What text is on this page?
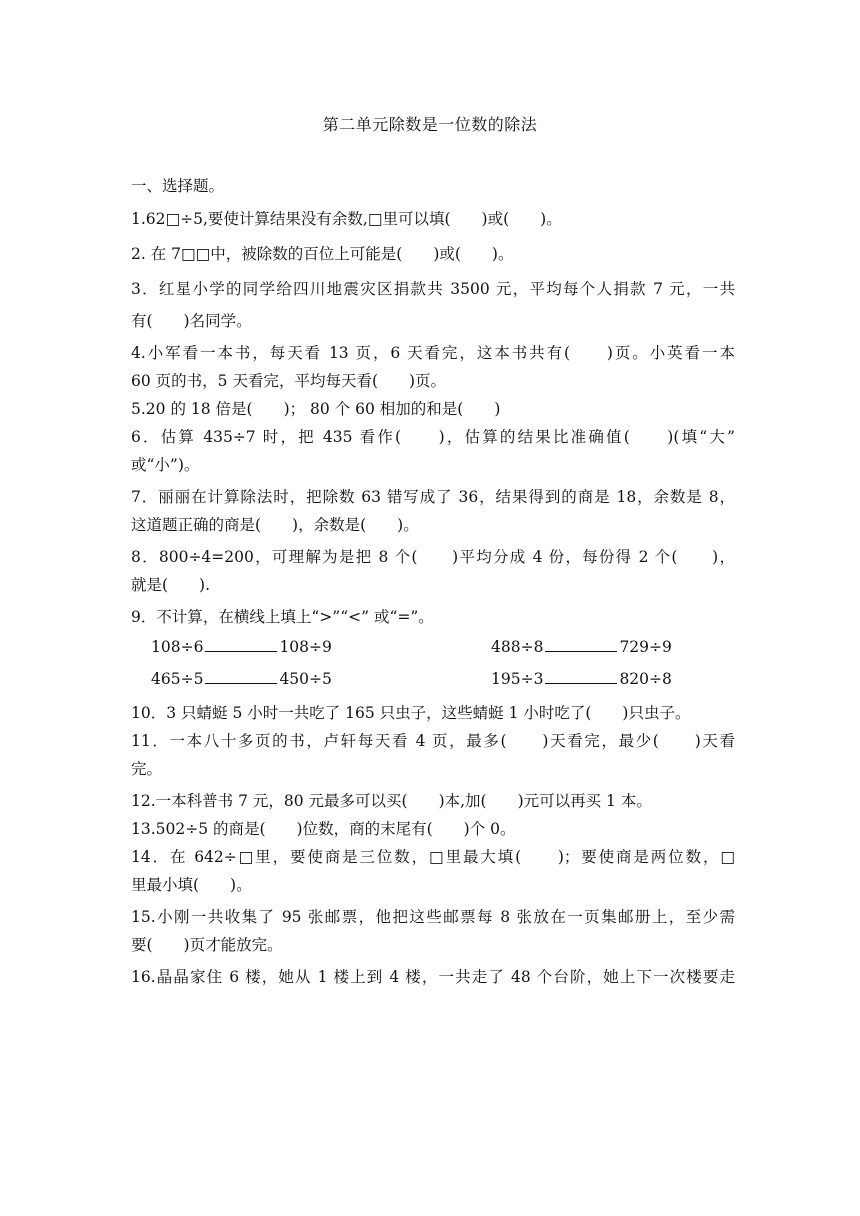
第二单元除数是一位数的除法
一、选择题。
1.62□÷5,要使计算结果没有余数,□里可以填(　　)或(　　)。
2. 在 7□□中，被除数的百位上可能是(　　)或(　　)。
3．红星小学的同学给四川地震灾区捐款共 3500 元，平均每个人捐款 7 元，一共
有(　　)名同学。
4.小军看一本书，每天看 13 页，6 天看完，这本书共有(　　)页。小英看一本
60 页的书，5 天看完，平均每天看(　　)页。
5.20 的 18 倍是(　　)； 80 个 60 相加的和是(　　)
6．估算 435÷7 时，把 435 看作(　　)，估算的结果比准确值(　　)(填“大”
或“小”)。
7．丽丽在计算除法时，把除数 63 错写成了 36，结果得到的商是 18，余数是 8，
这道题正确的商是(　　)，余数是(　　)。
8．800÷4=200，可理解为是把 8 个(　　)平均分成 4 份，每份得 2 个(　　)，
就是(　　).
9．不计算，在横线上填上“>”“<” 或“=”。
108÷6	108÷9	488÷8	729÷9
465÷5	450÷5	195÷3	820÷8
10．3 只蜻蜓 5 小时一共吃了 165 只虫子，这些蜻蜓 1 小时吃了(　　)只虫子。
11．一本八十多页的书，卢轩每天看 4 页，最多(　　)天看完，最少(　　)天看
完。
12.一本科普书 7 元，80 元最多可以买(　　)本,加(　　)元可以再买 1 本。
13.502÷5 的商是(　　)位数，商的末尾有(　　)个 0。
14．在 642÷□里，要使商是三位数，□里最大填(　　)；要使商是两位数，□
里最小填(　　)。
15.小刚一共收集了 95 张邮票，他把这些邮票每 8 张放在一页集邮册上，至少需
要(　　)页才能放完。
16.晶晶家住 6 楼，她从 1 楼上到 4 楼，一共走了 48 个台阶，她上下一次楼要走
